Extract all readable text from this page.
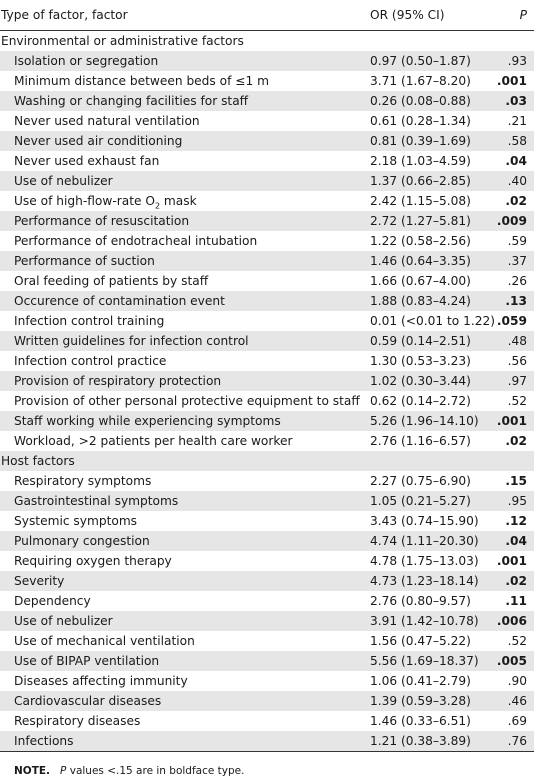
Type of factor, factor	OR (95% CI)	P
Environmental or administrative factors		
Isolation or segregation	0.97 (0.50–1.87)	.93
Minimum distance between beds of ≤1 m	3.71 (1.67–8.20)	.001
Washing or changing facilities for staff	0.26 (0.08–0.88)	.03
Never used natural ventilation	0.61 (0.28–1.34)	.21
Never used air conditioning	0.81 (0.39–1.69)	.58
Never used exhaust fan	2.18 (1.03–4.59)	.04
Use of nebulizer	1.37 (0.66–2.85)	.40
Use of high-flow-rate $O_2$ mask	2.42 (1.15–5.08)	.02
Performance of resuscitation	2.72 (1.27–5.81)	.009
Performance of endotracheal intubation	1.22 (0.58–2.56)	.59
Performance of suction	1.46 (0.64–3.35)	.37
Oral feeding of patients by staff	1.66 (0.67–4.00)	.26
Occurence of contamination event	1.88 (0.83–4.24)	.13
Infection control training	0.01 (<0.01 to 1.22)	.059
Written guidelines for infection control	0.59 (0.14–2.51)	.48
Infection control practice	1.30 (0.53–3.23)	.56
Provision of respiratory protection	1.02 (0.30–3.44)	.97
Provision of other personal protective equipment to staff	0.62 (0.14–2.72)	.52
Staff working while experiencing symptoms	5.26 (1.96–14.10)	.001
Workload, >2 patients per health care worker	2.76 (1.16–6.57)	.02
Host factors		
Respiratory symptoms	2.27 (0.75–6.90)	.15
Gastrointestinal symptoms	1.05 (0.21–5.27)	.95
Systemic symptoms	3.43 (0.74–15.90)	.12
Pulmonary congestion	4.74 (1.11–20.30)	.04
Requiring oxygen therapy	4.78 (1.75–13.03)	.001
Severity	4.73 (1.23–18.14)	.02
Dependency	2.76 (0.80–9.57)	.11
Use of nebulizer	3.91 (1.42–10.78)	.006
Use of mechanical ventilation	1.56 (0.47–5.22)	.52
Use of BIPAP ventilation	5.56 (1.69–18.37)	.005
Diseases affecting immunity	1.06 (0.41–2.79)	.90
Cardiovascular diseases	1.39 (0.59–3.28)	.46
Respiratory diseases	1.46 (0.33–6.51)	.69
Infections	1.21 (0.38–3.89)	.76
NOTE. P values <.15 are in boldface type.
